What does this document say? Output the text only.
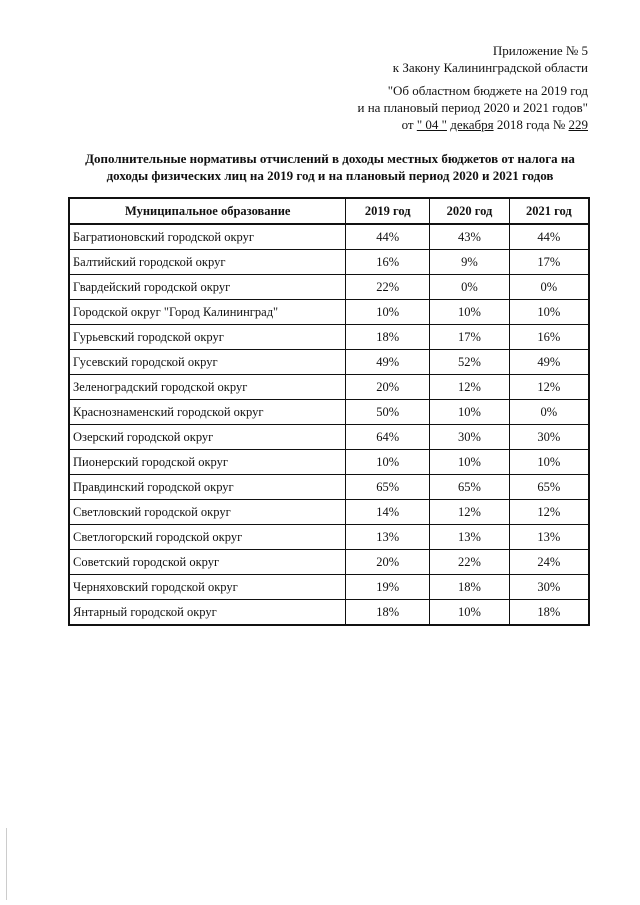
Приложение № 5
к Закону Калининградской области
"Об областном бюджете на 2019 год
и на плановый период 2020 и 2021 годов"
от " 04 " декабря 2018 года № 229
Дополнительные нормативы отчислений в доходы местных бюджетов от налога на
доходы физических лиц на 2019 год и на плановый период 2020 и 2021 годов
Муниципальное образование	2019 год	2020 год	2021 год
Багратионовский городской округ	44%	43%	44%
Балтийский городской округ	16%	9%	17%
Гвардейский городской округ	22%	0%	0%
Городской округ "Город Калининград"	10%	10%	10%
Гурьевский городской округ	18%	17%	16%
Гусевский городской округ	49%	52%	49%
Зеленоградский городской округ	20%	12%	12%
Краснознаменский городской округ	50%	10%	0%
Озерский городской округ	64%	30%	30%
Пионерский городской округ	10%	10%	10%
Правдинский городской округ	65%	65%	65%
Светловский городской округ	14%	12%	12%
Светлогорский городской округ	13%	13%	13%
Советский городской округ	20%	22%	24%
Черняховский городской округ	19%	18%	30%
Янтарный городской округ	18%	10%	18%
